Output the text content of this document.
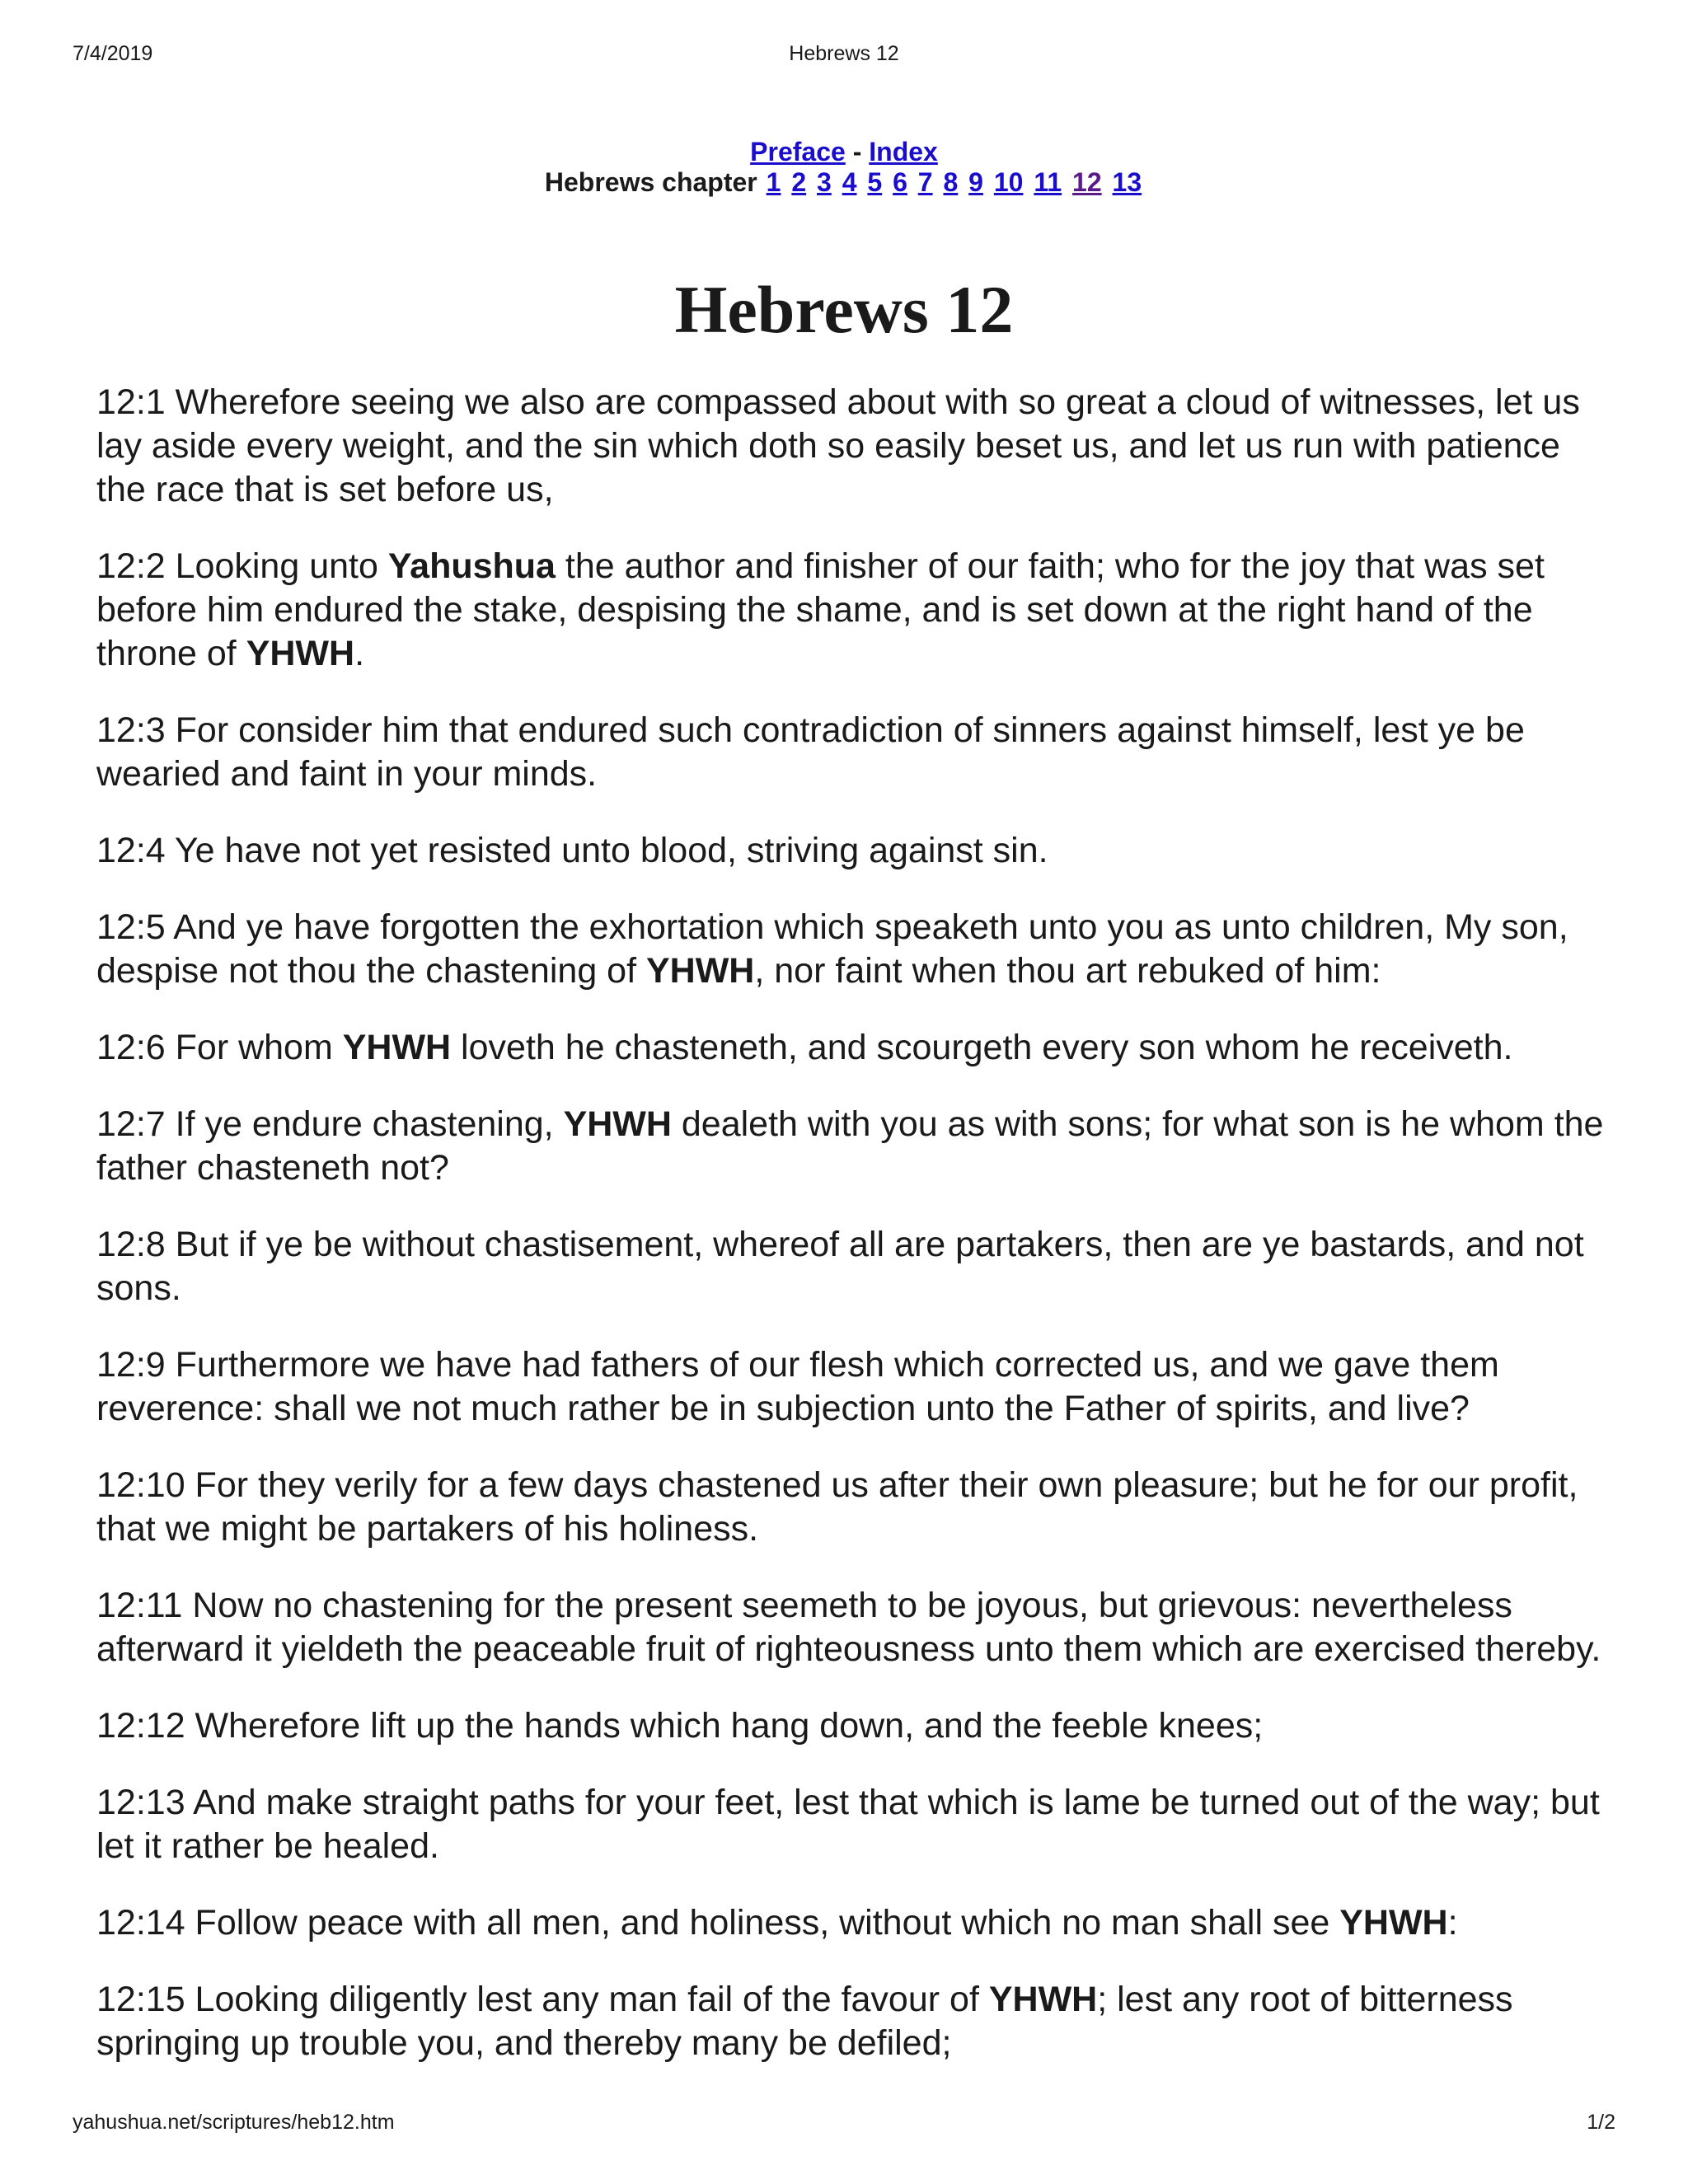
7/4/2019	Hebrews 12
Preface - Index
Hebrews chapter 1 2 3 4 5 6 7 8 9 10 11 12 13
Hebrews 12

12:1 Wherefore seeing we also are compassed about with so great a cloud of witnesses, let us lay aside every weight, and the sin which doth so easily beset us, and let us run with patience the race that is set before us,

12:2 Looking unto Yahushua the author and finisher of our faith; who for the joy that was set before him endured the stake, despising the shame, and is set down at the right hand of the throne of YHWH.

12:3 For consider him that endured such contradiction of sinners against himself, lest ye be wearied and faint in your minds.

12:4 Ye have not yet resisted unto blood, striving against sin.

12:5 And ye have forgotten the exhortation which speaketh unto you as unto children, My son, despise not thou the chastening of YHWH, nor faint when thou art rebuked of him:

12:6 For whom YHWH loveth he chasteneth, and scourgeth every son whom he receiveth.

12:7 If ye endure chastening, YHWH dealeth with you as with sons; for what son is he whom the father chasteneth not?

12:8 But if ye be without chastisement, whereof all are partakers, then are ye bastards, and not sons.

12:9 Furthermore we have had fathers of our flesh which corrected us, and we gave them reverence: shall we not much rather be in subjection unto the Father of spirits, and live?

12:10 For they verily for a few days chastened us after their own pleasure; but he for our profit, that we might be partakers of his holiness.

12:11 Now no chastening for the present seemeth to be joyous, but grievous: nevertheless afterward it yieldeth the peaceable fruit of righteousness unto them which are exercised thereby.

12:12 Wherefore lift up the hands which hang down, and the feeble knees;

12:13 And make straight paths for your feet, lest that which is lame be turned out of the way; but let it rather be healed.

12:14 Follow peace with all men, and holiness, without which no man shall see YHWH:

12:15 Looking diligently lest any man fail of the favour of YHWH; lest any root of bitterness springing up trouble you, and thereby many be defiled;

yahushua.net/scriptures/heb12.htm	1/2
